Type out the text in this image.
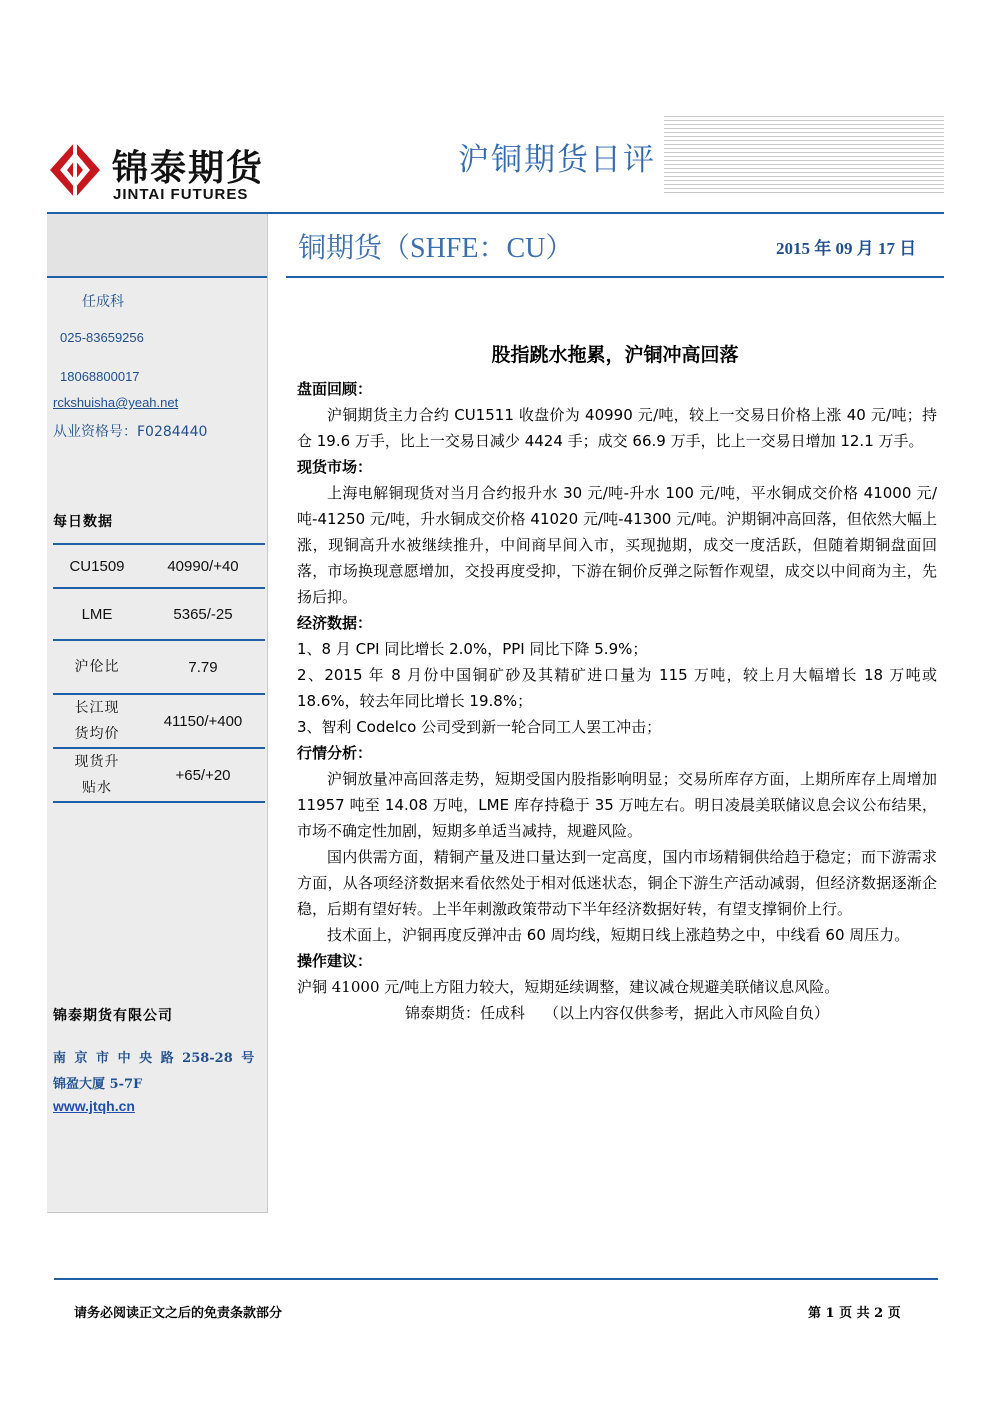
锦泰期货
JINTAI FUTURES
沪铜期货日评
铜期货（SHFE：CU）	2015 年 09 月 17 日
任成科
025-83659256
18068800017
rckshuisha@yeah.net
从业资格号：F0284440
每日数据
CU1509	40990/+40
LME	5365/-25
沪伦比	7.79

长江现
货均价	41150/+400

现货升
贴水	+65/+20
锦泰期货有限公司
南 京 市 中 央 路 258-28 号
锦盈大厦 5-7F
www.jtqh.cn
股指跳水拖累，沪铜冲高回落

盘面回顾：

沪铜期货主力合约 CU1511 收盘价为 40990 元/吨，较上一交易日价格上涨 40 元/吨；持仓 19.6 万手，比上一交易日减少 4424 手；成交 66.9 万手，比上一交易日增加 12.1 万手。

现货市场：

上海电解铜现货对当月合约报升水 30 元/吨-升水 100 元/吨，平水铜成交价格 41000 元/吨-41250 元/吨，升水铜成交价格 41020 元/吨-41300 元/吨。沪期铜冲高回落，但依然大幅上涨，现铜高升水被继续推升，中间商早间入市，买现抛期，成交一度活跃，但随着期铜盘面回落，市场换现意愿增加，交投再度受抑，下游在铜价反弹之际暂作观望，成交以中间商为主，先扬后抑。

经济数据：

1、8 月 CPI 同比增长 2.0%，PPI 同比下降 5.9%；

2、2015 年 8 月份中国铜矿砂及其精矿进口量为 115 万吨，较上月大幅增长 18 万吨或 18.6%，较去年同比增长 19.8%；

3、智利 Codelco 公司受到新一轮合同工人罢工冲击；

行情分析：

沪铜放量冲高回落走势，短期受国内股指影响明显；交易所库存方面，上期所库存上周增加 11957 吨至 14.08 万吨，LME 库存持稳于 35 万吨左右。明日凌晨美联储议息会议公布结果，市场不确定性加剧，短期多单适当减持，规避风险。

国内供需方面，精铜产量及进口量达到一定高度，国内市场精铜供给趋于稳定；而下游需求方面，从各项经济数据来看依然处于相对低迷状态，铜企下游生产活动减弱，但经济数据逐渐企稳，后期有望好转。上半年刺激政策带动下半年经济数据好转，有望支撑铜价上行。

技术面上，沪铜再度反弹冲击 60 周均线，短期日线上涨趋势之中，中线看 60 周压力。

操作建议：

沪铜 41000 元/吨上方阻力较大，短期延续调整，建议减仓规避美联储议息风险。

锦泰期货：任成科    （以上内容仅供参考，据此入市风险自负）

请务必阅读正文之后的免责条款部分	第 1 页 共 2 页
